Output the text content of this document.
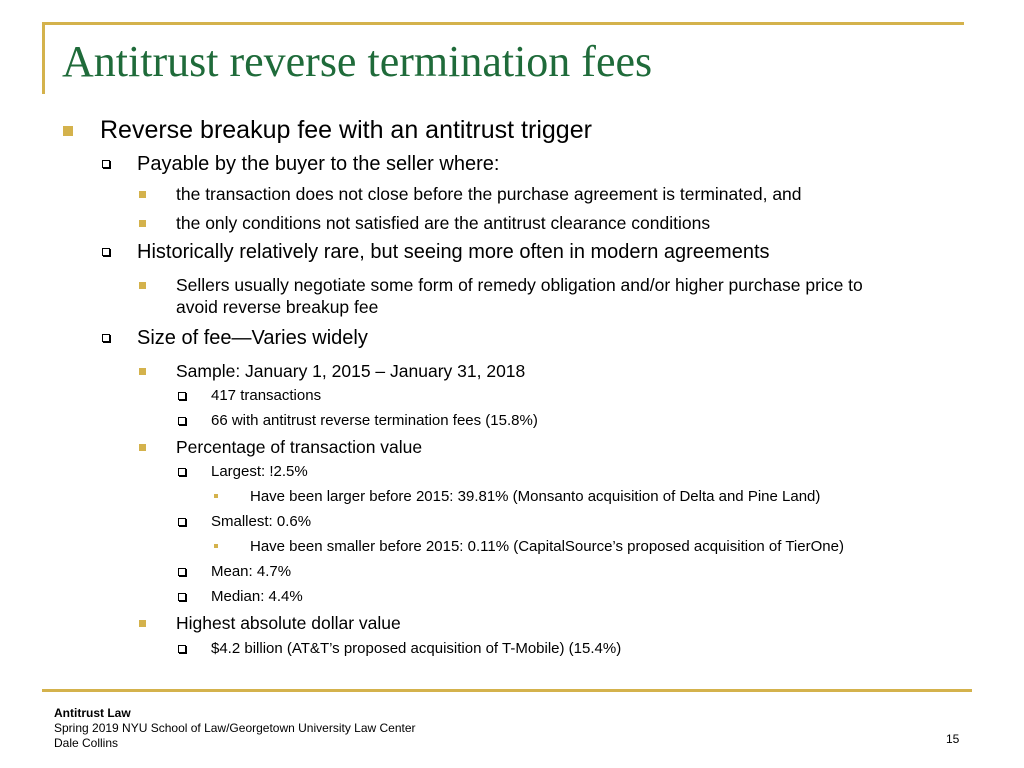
Antitrust reverse termination fees
Reverse breakup fee with an antitrust trigger
Payable by the buyer to the seller where:
the transaction does not close before the purchase agreement is terminated, and
the only conditions not satisfied are the antitrust clearance conditions
Historically relatively rare, but seeing more often in modern agreements
Sellers usually negotiate some form of remedy obligation and/or higher purchase price to
avoid reverse breakup fee
Size of fee—Varies widely
Sample: January 1, 2015 – January 31, 2018
417 transactions
66 with antitrust reverse termination fees (15.8%)
Percentage of transaction value
Largest: !2.5%
Have been larger before 2015: 39.81% (Monsanto acquisition of Delta and Pine Land)
Smallest: 0.6%
Have been smaller before 2015: 0.11% (CapitalSource’s proposed acquisition of TierOne)
Mean: 4.7%
Median: 4.4%
Highest absolute dollar value
$4.2 billion (AT&T’s proposed acquisition of T-Mobile) (15.4%)
Antitrust Law
Spring 2019 NYU School of Law/Georgetown University Law Center
Dale Collins	15
